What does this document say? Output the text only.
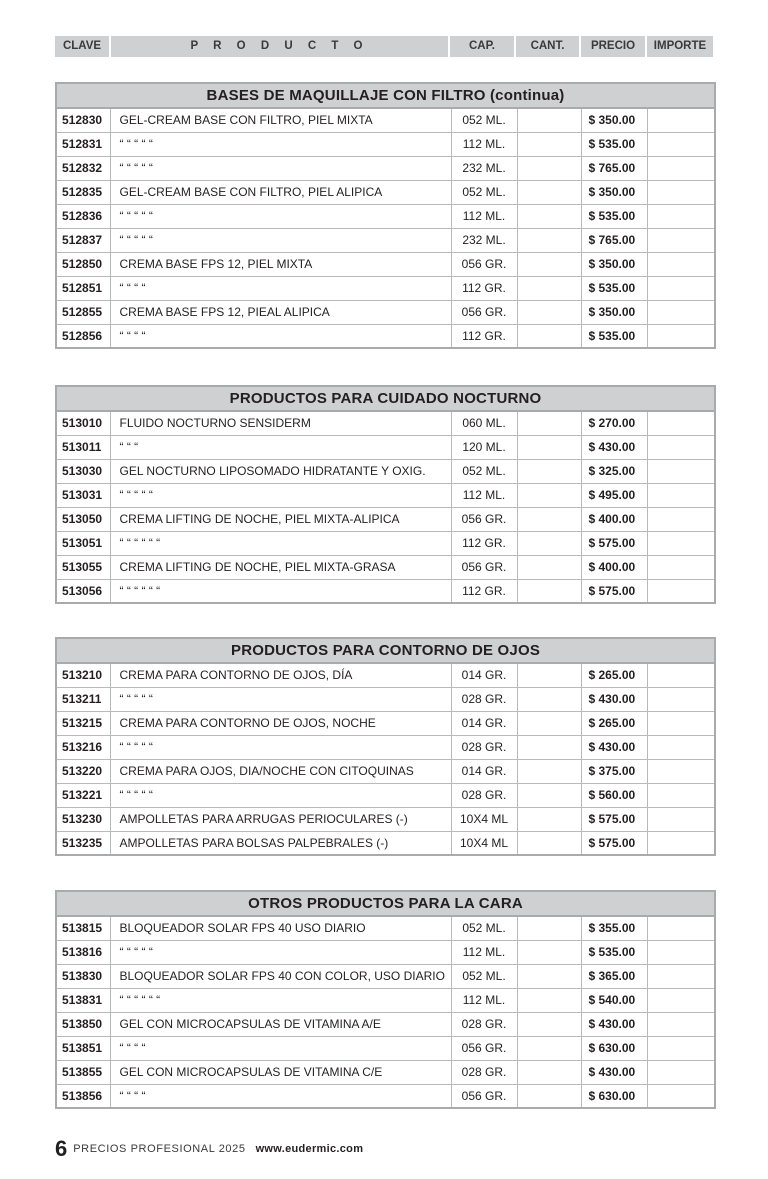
CLAVE	P R O D U C T O	CAP.	CANT.	PRECIO	IMPORTE
BASES DE MAQUILLAJE CON FILTRO (continua)					
512830	GEL-CREAM BASE CON FILTRO, PIEL MIXTA	052 ML.		$ 350.00	
512831	“ “ “ “ “	112 ML.		$ 535.00	
512832	“ “ “ “ “	232 ML.		$ 765.00	
512835	GEL-CREAM BASE CON FILTRO, PIEL ALIPICA	052 ML.		$ 350.00	
512836	“ “ “ “ “	112 ML.		$ 535.00	
512837	“ “ “ “ “	232 ML.		$ 765.00	
512850	CREMA BASE FPS 12, PIEL MIXTA	056 GR.		$ 350.00	
512851	“ “ “ “	112 GR.		$ 535.00	
512855	CREMA BASE FPS 12, PIEAL ALIPICA	056 GR.		$ 350.00	
512856	“ “ “ “	112 GR.		$ 535.00	
PRODUCTOS PARA CUIDADO NOCTURNO					
513010	FLUIDO NOCTURNO SENSIDERM	060 ML.		$ 270.00	
513011	“ “ “	120 ML.		$ 430.00	
513030	GEL NOCTURNO LIPOSOMADO HIDRATANTE Y OXIG.	052 ML.		$ 325.00	
513031	“ “ “ “ “	112 ML.		$ 495.00	
513050	CREMA LIFTING DE NOCHE, PIEL MIXTA-ALIPICA	056 GR.		$ 400.00	
513051	“ “ “ “ “ “	112 GR.		$ 575.00	
513055	CREMA LIFTING DE NOCHE, PIEL MIXTA-GRASA	056 GR.		$ 400.00	
513056	“ “ “ “ “ “	112 GR.		$ 575.00	
PRODUCTOS PARA CONTORNO DE OJOS					
513210	CREMA PARA CONTORNO DE OJOS, DÍA	014 GR.		$ 265.00	
513211	“ “ “ “ “	028 GR.		$ 430.00	
513215	CREMA PARA CONTORNO DE OJOS, NOCHE	014 GR.		$ 265.00	
513216	“ “ “ “ “	028 GR.		$ 430.00	
513220	CREMA PARA OJOS, DIA/NOCHE CON CITOQUINAS	014 GR.		$ 375.00	
513221	“ “ “ “ “	028 GR.		$ 560.00	
513230	AMPOLLETAS PARA ARRUGAS PERIOCULARES (-)	10X4 ML		$ 575.00	
513235	AMPOLLETAS PARA BOLSAS PALPEBRALES (-)	10X4 ML		$ 575.00	
OTROS PRODUCTOS PARA LA CARA					
513815	BLOQUEADOR SOLAR FPS 40 USO DIARIO	052 ML.		$ 355.00	
513816	“ “ “ “ “	112 ML.		$ 535.00	
513830	BLOQUEADOR SOLAR FPS 40 CON COLOR, USO DIARIO	052 ML.		$ 365.00	
513831	“ “ “ “ “ “	112 ML.		$ 540.00	
513850	GEL CON MICROCAPSULAS DE VITAMINA A/E	028 GR.		$ 430.00	
513851	“ “ “ “	056 GR.		$ 630.00	
513855	GEL CON MICROCAPSULAS DE VITAMINA C/E	028 GR.		$ 430.00	
513856	“ “ “ “	056 GR.		$ 630.00	
6 PRECIOS PROFESIONAL 2025 www.eudermic.com
